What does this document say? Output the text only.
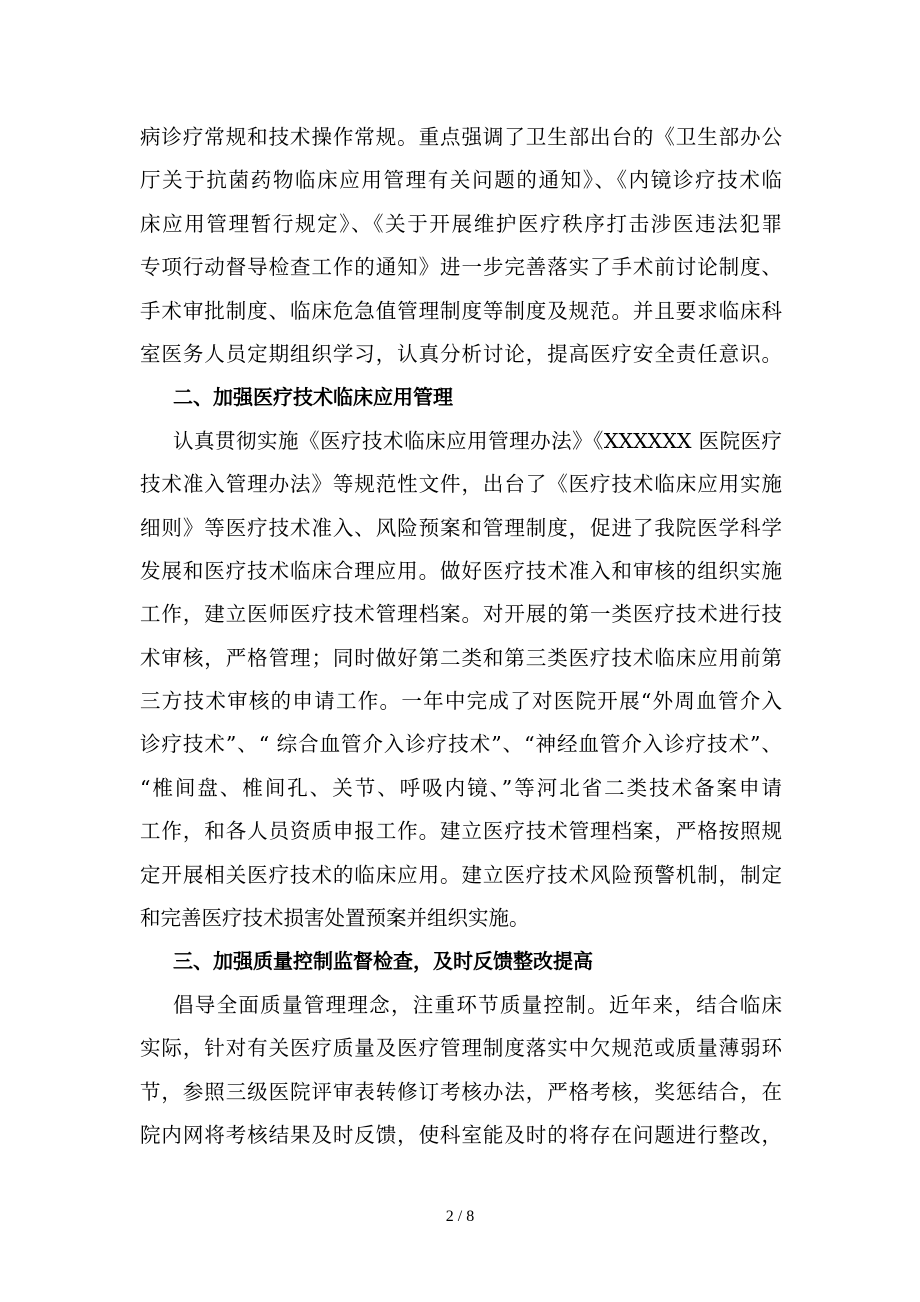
病诊疗常规和技术操作常规。重点强调了卫生部出台的《卫生部办公
厅关于抗菌药物临床应用管理有关问题的通知》、《内镜诊疗技术临
床应用管理暂行规定》、《关于开展维护医疗秩序打击涉医违法犯罪
专项行动督导检查工作的通知》进一步完善落实了手术前讨论制度、
手术审批制度、临床危急值管理制度等制度及规范。并且要求临床科
室医务人员定期组织学习，认真分析讨论，提高医疗安全责任意识。
二、加强医疗技术临床应用管理
认真贯彻实施《医疗技术临床应用管理办法》《XXXXXX 医院医疗
技术准入管理办法》等规范性文件，出台了《医疗技术临床应用实施
细则》等医疗技术准入、风险预案和管理制度，促进了我院医学科学
发展和医疗技术临床合理应用。做好医疗技术准入和审核的组织实施
工作，建立医师医疗技术管理档案。对开展的第一类医疗技术进行技
术审核，严格管理；同时做好第二类和第三类医疗技术临床应用前第
三方技术审核的申请工作。一年中完成了对医院开展“外周血管介入
诊疗技术”、“ 综合血管介入诊疗技术”、“神经血管介入诊疗技术”、
“椎间盘、椎间孔、关节、呼吸内镜、”等河北省二类技术备案申请
工作，和各人员资质申报工作。建立医疗技术管理档案，严格按照规
定开展相关医疗技术的临床应用。建立医疗技术风险预警机制，制定
和完善医疗技术损害处置预案并组织实施。
三、加强质量控制监督检查，及时反馈整改提高
倡导全面质量管理理念，注重环节质量控制。近年来，结合临床
实际，针对有关医疗质量及医疗管理制度落实中欠规范或质量薄弱环
节，参照三级医院评审表转修订考核办法，严格考核，奖惩结合，在
院内网将考核结果及时反馈，使科室能及时的将存在问题进行整改，
2 / 8
